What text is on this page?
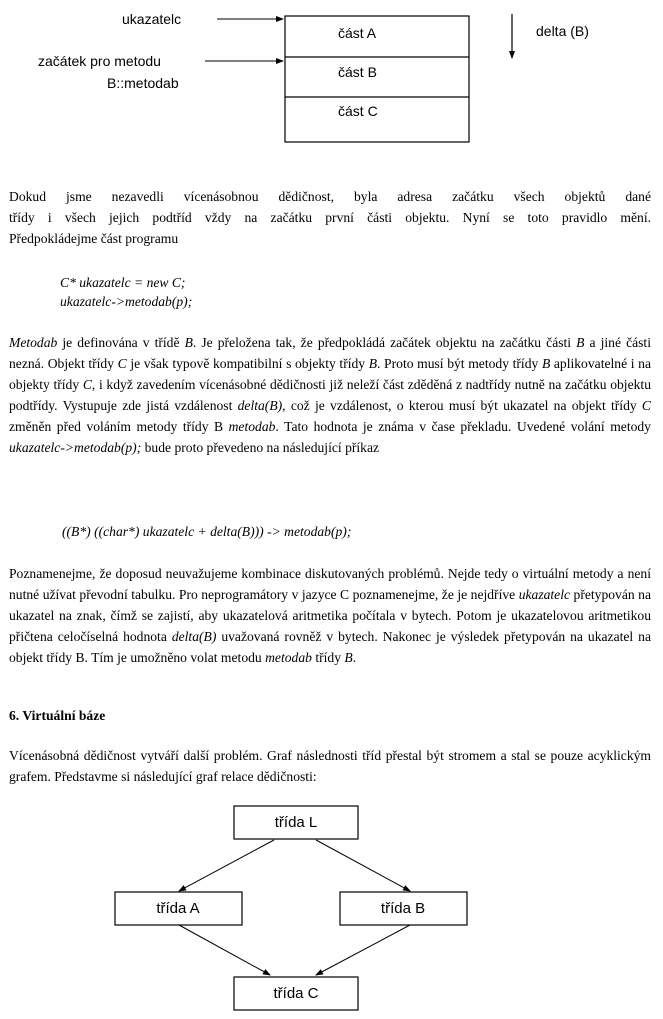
ukazatelc
začátek pro metodu
B::metodab
část A
část B
část C
delta (B)
Dokud jsme nezavedli vícenásobnou dědičnost, byla adresa začátku všech objektů dané
třídy i všech jejich podtříd vždy na začátku první části objektu. Nyní se toto pravidlo mění.
Předpokládejme část programu
C* ukazatelc = new C;
ukazatelc->metodab(p);
Metodab je definována v třídě B. Je přeložena tak, že předpokládá začátek objektu na začátku části B a jiné části nezná. Objekt třídy C je však typově kompatibilní s objekty třídy B. Proto musí být metody třídy B aplikovatelné i na objekty třídy C, i když zavedením vícenásobné dědičnosti již neleží část zděděná z nadtřídy nutně na začátku objektu podtřídy. Vystupuje zde jistá vzdálenost delta(B), což je vzdálenost, o kterou musí být ukazatel na objekt třídy C změněn před voláním metody třídy B metodab. Tato hodnota je známa v čase překladu. Uvedené volání metody ukazatelc->metodab(p); bude proto převedeno na následující příkaz
((B*) ((char*) ukazatelc + delta(B))) -> metodab(p);
Poznamenejme, že doposud neuvažujeme kombinace diskutovaných problémů. Nejde tedy o virtuální metody a není nutné užívat převodní tabulku. Pro neprogramátory v jazyce C poznamenejme, že je nejdříve ukazatelc přetypován na ukazatel na znak, čímž se zajistí, aby ukazatelová aritmetika počítala v bytech. Potom je ukazatelovou aritmetikou přičtena celočíselná hodnota delta(B) uvažovaná rovněž v bytech. Nakonec je výsledek přetypován na ukazatel na objekt třídy B. Tím je umožněno volat metodu metodab třídy B.
6. Virtuální báze
Vícenásobná dědičnost vytváří další problém. Graf následnosti tříd přestal být stromem a stal se pouze acyklickým grafem. Představme si následující graf relace dědičnosti:
třída L
třída A	třída B
třída C
